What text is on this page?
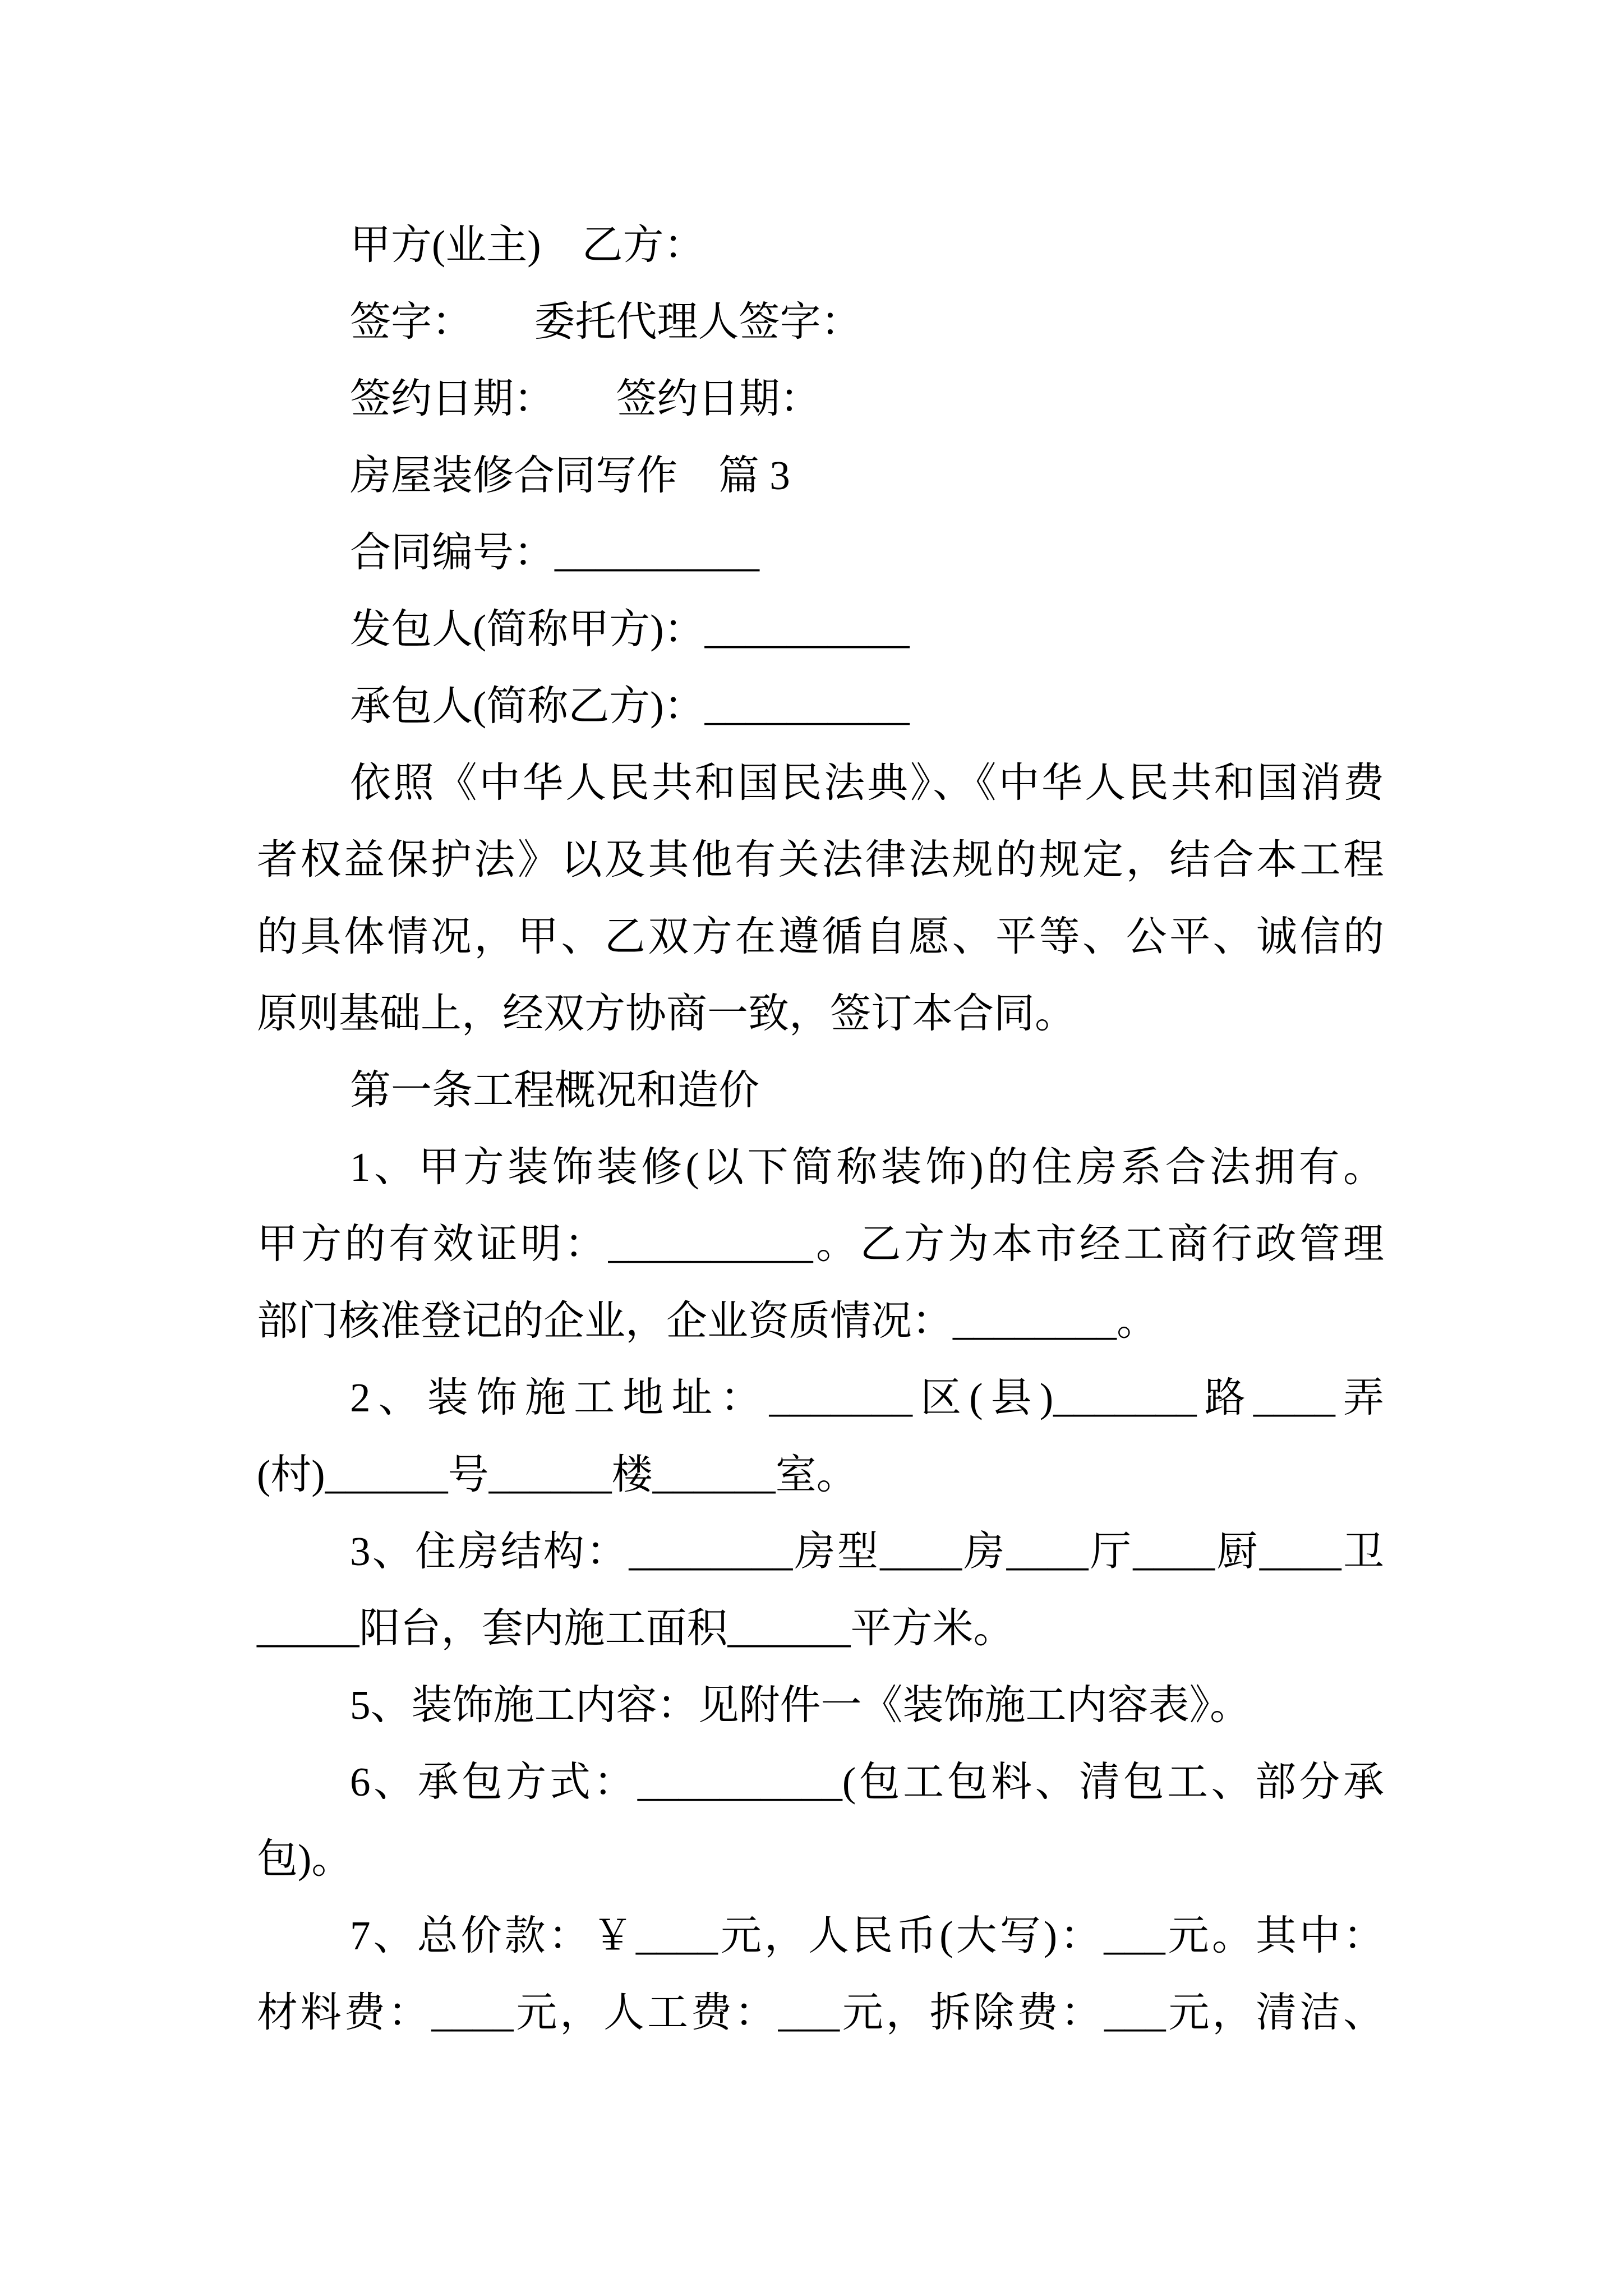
甲方(业主)　乙方：

签字：　　委托代理人签字：

签约日期：　　签约日期：

房屋装修合同写作　篇 3

合同编号：__________

发包人(简称甲方)：__________

承包人(简称乙方)：__________

依照《中华人民共和国民法典》、《中华人民共和国消费

者权益保护法》以及其他有关法律法规的规定，结合本工程

的具体情况，甲、乙双方在遵循自愿、平等、公平、诚信的

原则基础上，经双方协商一致，签订本合同。

第一条工程概况和造价

1、甲方装饰装修(以下简称装饰)的住房系合法拥有。

甲方的有效证明：__________。乙方为本市经工商行政管理

部门核准登记的企业，企业资质情况：________。

2、装饰施工地址：_______区(县)_______路____弄

(村)______号______楼______室。

3、住房结构：________房型____房____厅____厨____卫

_____阳台，套内施工面积______平方米。

5、装饰施工内容：见附件一《装饰施工内容表》。

6、承包方式：__________(包工包料、清包工、部分承

包)。

7、总价款：￥____元，人民币(大写)：___元。其中：

材料费：____元，人工费：___元，拆除费：___元，清洁、
